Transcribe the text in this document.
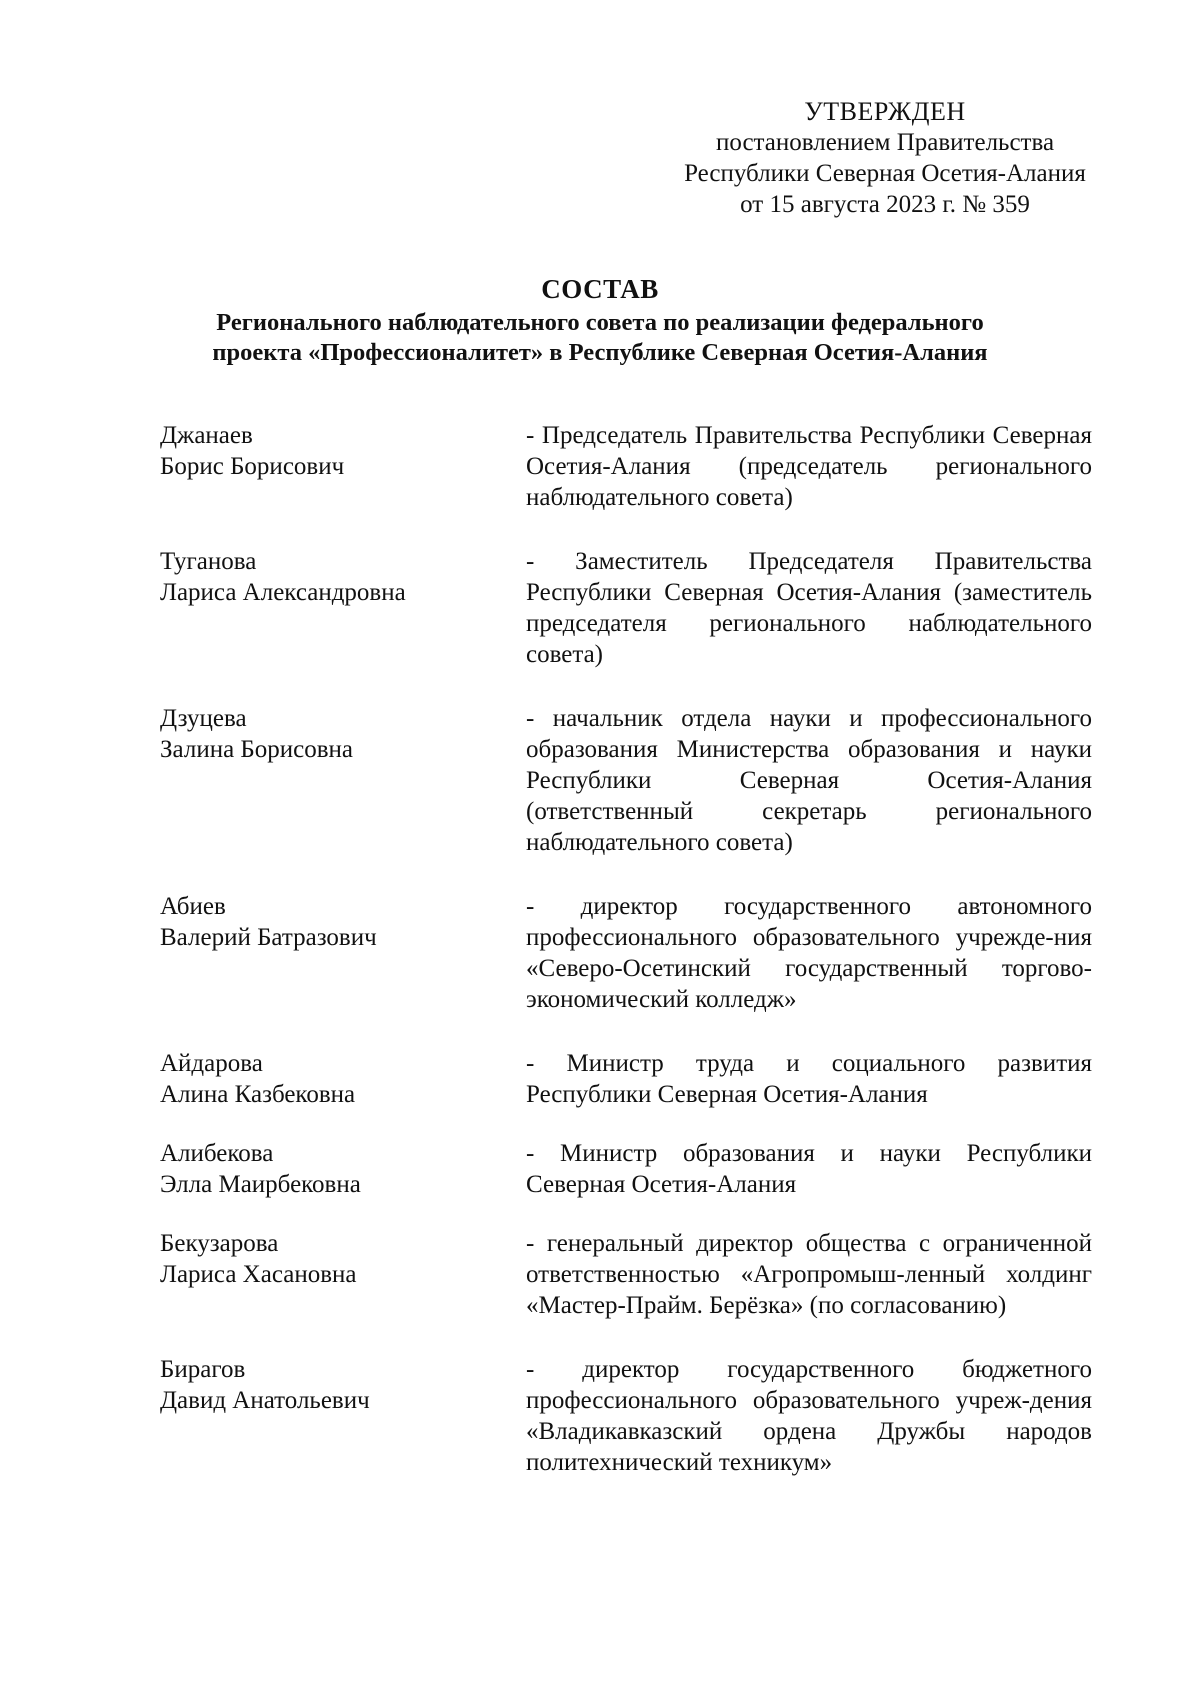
УТВЕРЖДЕН
постановлением Правительства
Республики Северная Осетия-Алания
от 15 августа 2023 г. № 359
СОСТАВ
Регионального наблюдательного совета по реализации федерального
проекта «Профессионалитет» в Республике Северная Осетия-Алания
Джанаев
Борис Борисович
- Председатель Правительства Республики Северная Осетия-Алания (председатель регионального наблюдательного совета)
Туганова
Лариса Александровна
- Заместитель Председателя Правительства Республики Северная Осетия-Алания (заместитель председателя регионального наблюдательного совета)
Дзуцева
Залина Борисовна
- начальник отдела науки и профессионального образования Министерства образования и науки Республики Северная Осетия-Алания (ответственный секретарь регионального наблюдательного совета)
Абиев
Валерий Батразович
- директор государственного автономного профессионального образовательного учрежде-ния «Северо-Осетинский государственный торгово-экономический колледж»
Айдарова
Алина Казбековна
- Министр труда и социального развития Республики Северная Осетия-Алания
Алибекова
Элла Маирбековна
- Министр образования и науки Республики Северная Осетия-Алания
Бекузарова
Лариса Хасановна
- генеральный директор общества с ограниченной ответственностью «Агропромыш-ленный холдинг «Мастер-Прайм. Берёзка» (по согласованию)
Бирагов
Давид Анатольевич
- директор государственного бюджетного профессионального образовательного учреж-дения «Владикавказский ордена Дружбы народов политехнический техникум»
